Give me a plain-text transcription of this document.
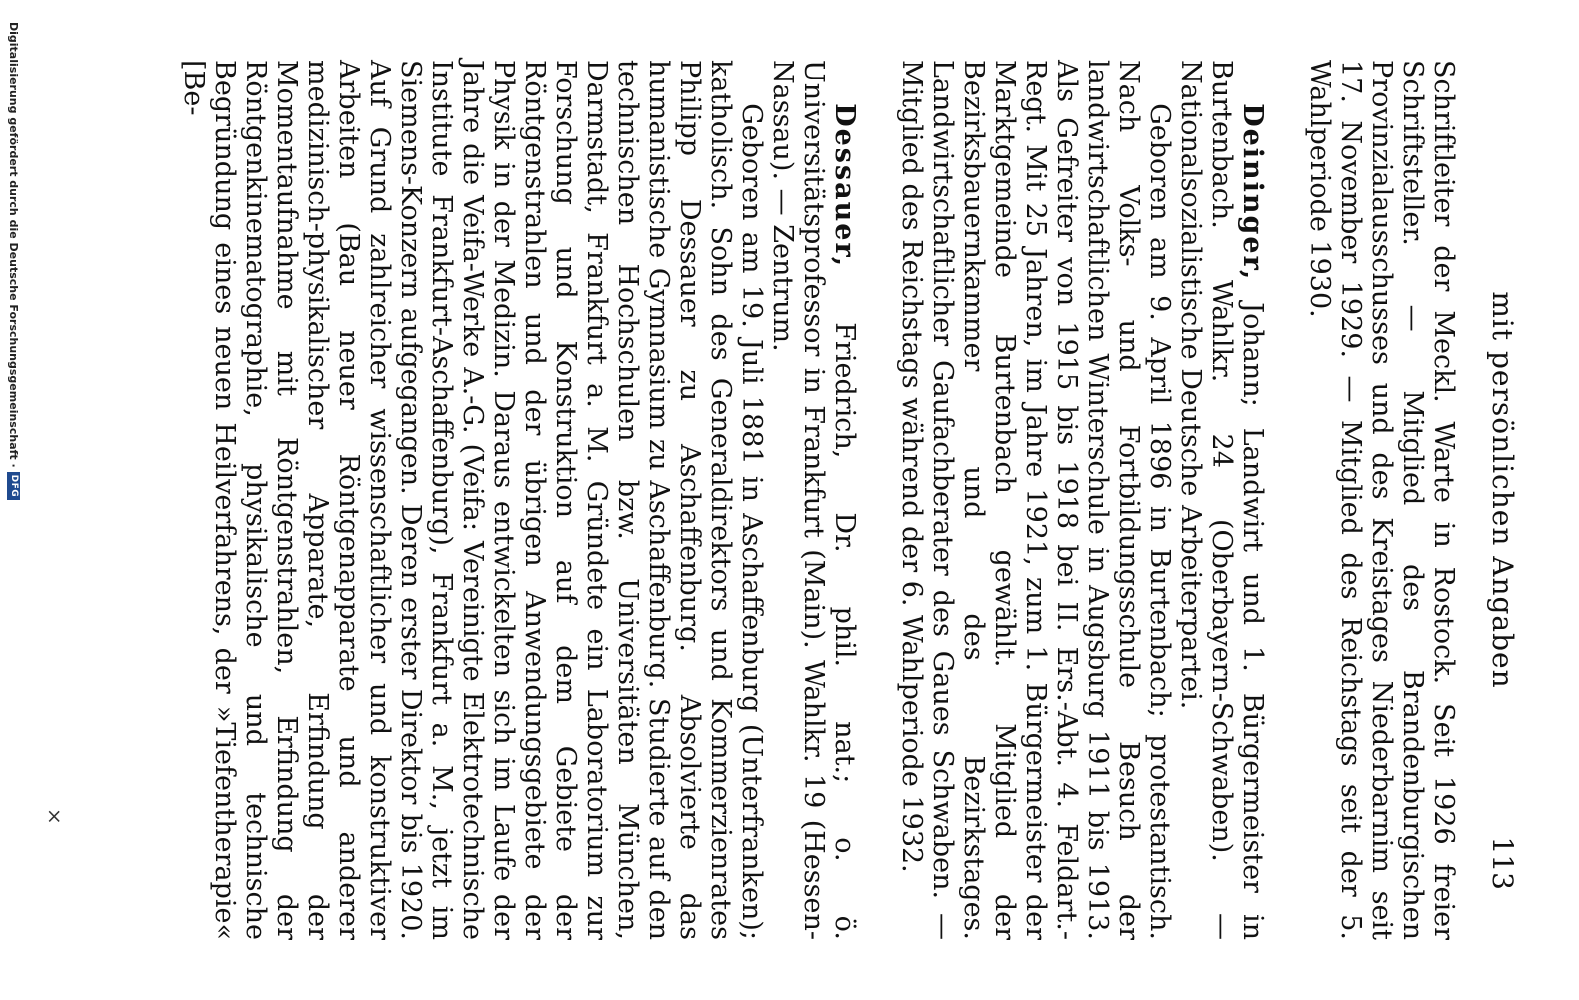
mit persönlichen Angaben
113

Schriftleiter der Meckl. Warte in Rostock. Seit 1926 freier Schriftsteller. — Mitglied des Brandenburgischen Provinzialausschusses und des Kreistages Niederbarnim seit 17. November 1929. — Mitglied des Reichstags seit der 5. Wahlperiode 1930.

Deininger, Johann; Landwirt und 1. Bürgermeister in Burtenbach. Wahlkr. 24 (Oberbayern-Schwaben). — Nationalsozialistische Deutsche Arbeiterpartei.

Geboren am 9. April 1896 in Burtenbach; protestantisch. Nach Volks- und Fortbildungsschule Besuch der landwirtschaftlichen Winterschule in Augsburg 1911 bis 1913. Als Gefreiter von 1915 bis 1918 bei II. Ers.-Abt. 4. Feldart.-Regt. Mit 25 Jahren, im Jahre 1921, zum 1. Bürgermeister der Marktgemeinde Burtenbach gewählt. Mitglied der Bezirksbauernkammer und des Bezirkstages. Landwirtschaftlicher Gaufachberater des Gaues Schwaben. — Mitglied des Reichstags während der 6. Wahlperiode 1932.

Dessauer, Friedrich, Dr. phil. nat.; o. ö. Universitätsprofessor in Frankfurt (Main). Wahlkr. 19 (Hessen-Nassau). — Zentrum.

Geboren am 19. Juli 1881 in Aschaffenburg (Unterfranken); katholisch. Sohn des Generaldirektors und Kommerzienrates Philipp Dessauer zu Aschaffenburg. Absolvierte das humanistische Gymnasium zu Aschaffenburg. Studierte auf den technischen Hochschulen bzw. Universitäten München, Darmstadt, Frankfurt a. M. Gründete ein Laboratorium zur Forschung und Konstruktion auf dem Gebiete der Röntgenstrahlen und der übrigen Anwendungsgebiete der Physik in der Medizin. Daraus entwickelten sich im Laufe der Jahre die Veifa-Werke A.-G. (Veifa: Vereinigte Elektrotechnische Institute Frankfurt-Aschaffenburg), Frankfurt a. M., jetzt im Siemens-Konzern aufgegangen. Deren erster Direktor bis 1920. Auf Grund zahlreicher wissenschaftlicher und konstruktiver Arbeiten (Bau neuer Röntgenapparate und anderer medizinisch-physikalischer Apparate, Erfindung der Momentaufnahme mit Röntgenstrahlen, Erfindung der Röntgenkinematographie, physikalische und technische Begründung eines neuen Heilverfahrens, der »Tiefentherapie« [Be-

×
Digitalisierung gefördert durch die Deutsche Forschungsgemeinschaft ·
DFG
